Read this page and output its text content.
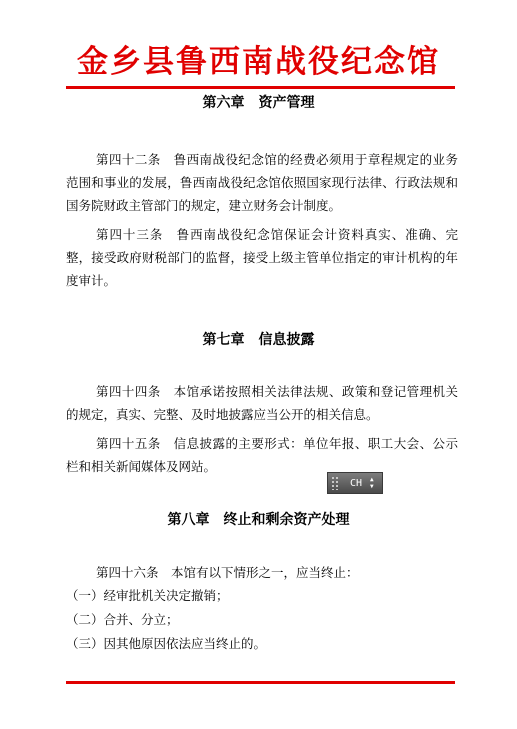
金乡县鲁西南战役纪念馆
第六章　资产管理

第四十二条　鲁西南战役纪念馆的经费必须用于章程规定的业务范围和事业的发展，鲁西南战役纪念馆依照国家现行法律、行政法规和国务院财政主管部门的规定，建立财务会计制度。

第四十三条　鲁西南战役纪念馆保证会计资料真实、准确、完整，接受政府财税部门的监督，接受上级主管单位指定的审计机构的年度审计。

第七章　信息披露

第四十四条　本馆承诺按照相关法律法规、政策和登记管理机关的规定，真实、完整、及时地披露应当公开的相关信息。

第四十五条　信息披露的主要形式：单位年报、职工大会、公示栏和相关新闻媒体及网站。

第八章　终止和剩余资产处理

第四十六条　本馆有以下情形之一，应当终止：

（一）经审批机关决定撤销；

（二）合并、分立；

（三）因其他原因依法应当终止的。

CH ▲
▼
